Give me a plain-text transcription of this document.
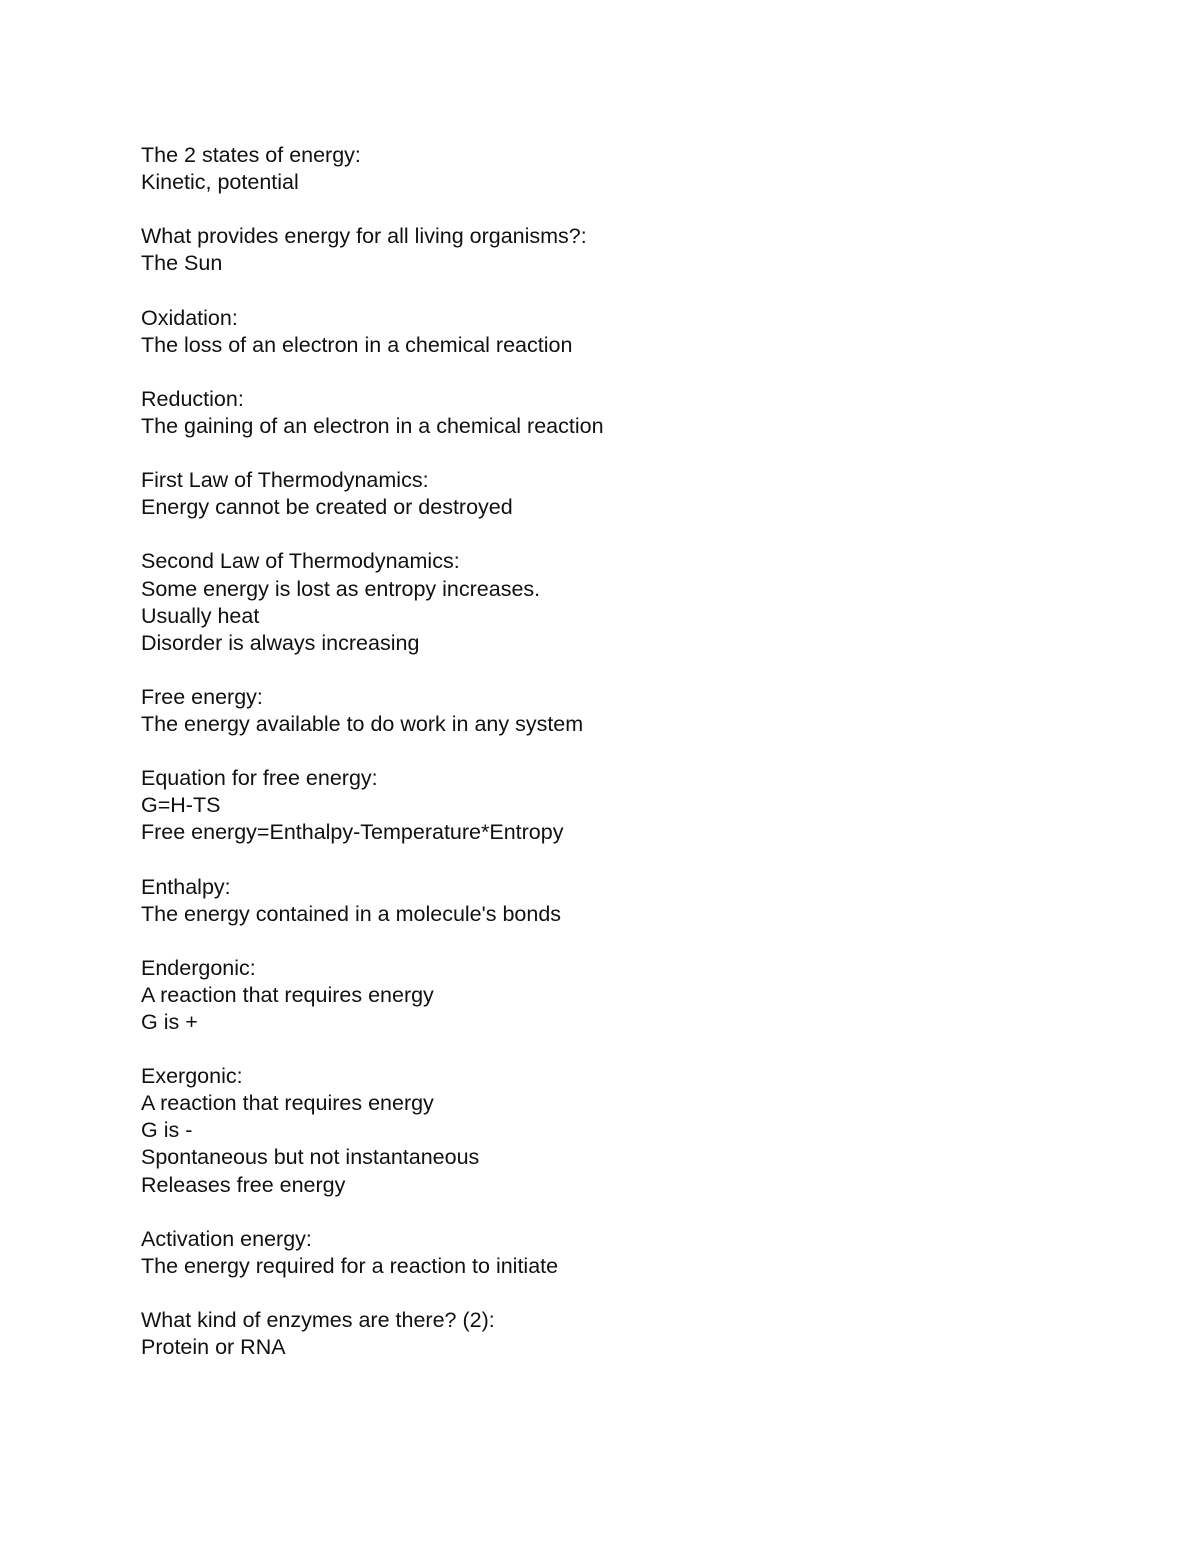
The 2 states of energy:
Kinetic, potential
What provides energy for all living organisms?:
The Sun
Oxidation:
The loss of an electron in a chemical reaction
Reduction:
The gaining of an electron in a chemical reaction
First Law of Thermodynamics:
Energy cannot be created or destroyed
Second Law of Thermodynamics:
Some energy is lost as entropy increases.
Usually heat
Disorder is always increasing
Free energy:
The energy available to do work in any system
Equation for free energy:
G=H-TS
Free energy=Enthalpy-Temperature*Entropy
Enthalpy:
The energy contained in a molecule's bonds
Endergonic:
A reaction that requires energy
G is +
Exergonic:
A reaction that requires energy
G is -
Spontaneous but not instantaneous
Releases free energy
Activation energy:
The energy required for a reaction to initiate
What kind of enzymes are there? (2):
Protein or RNA
